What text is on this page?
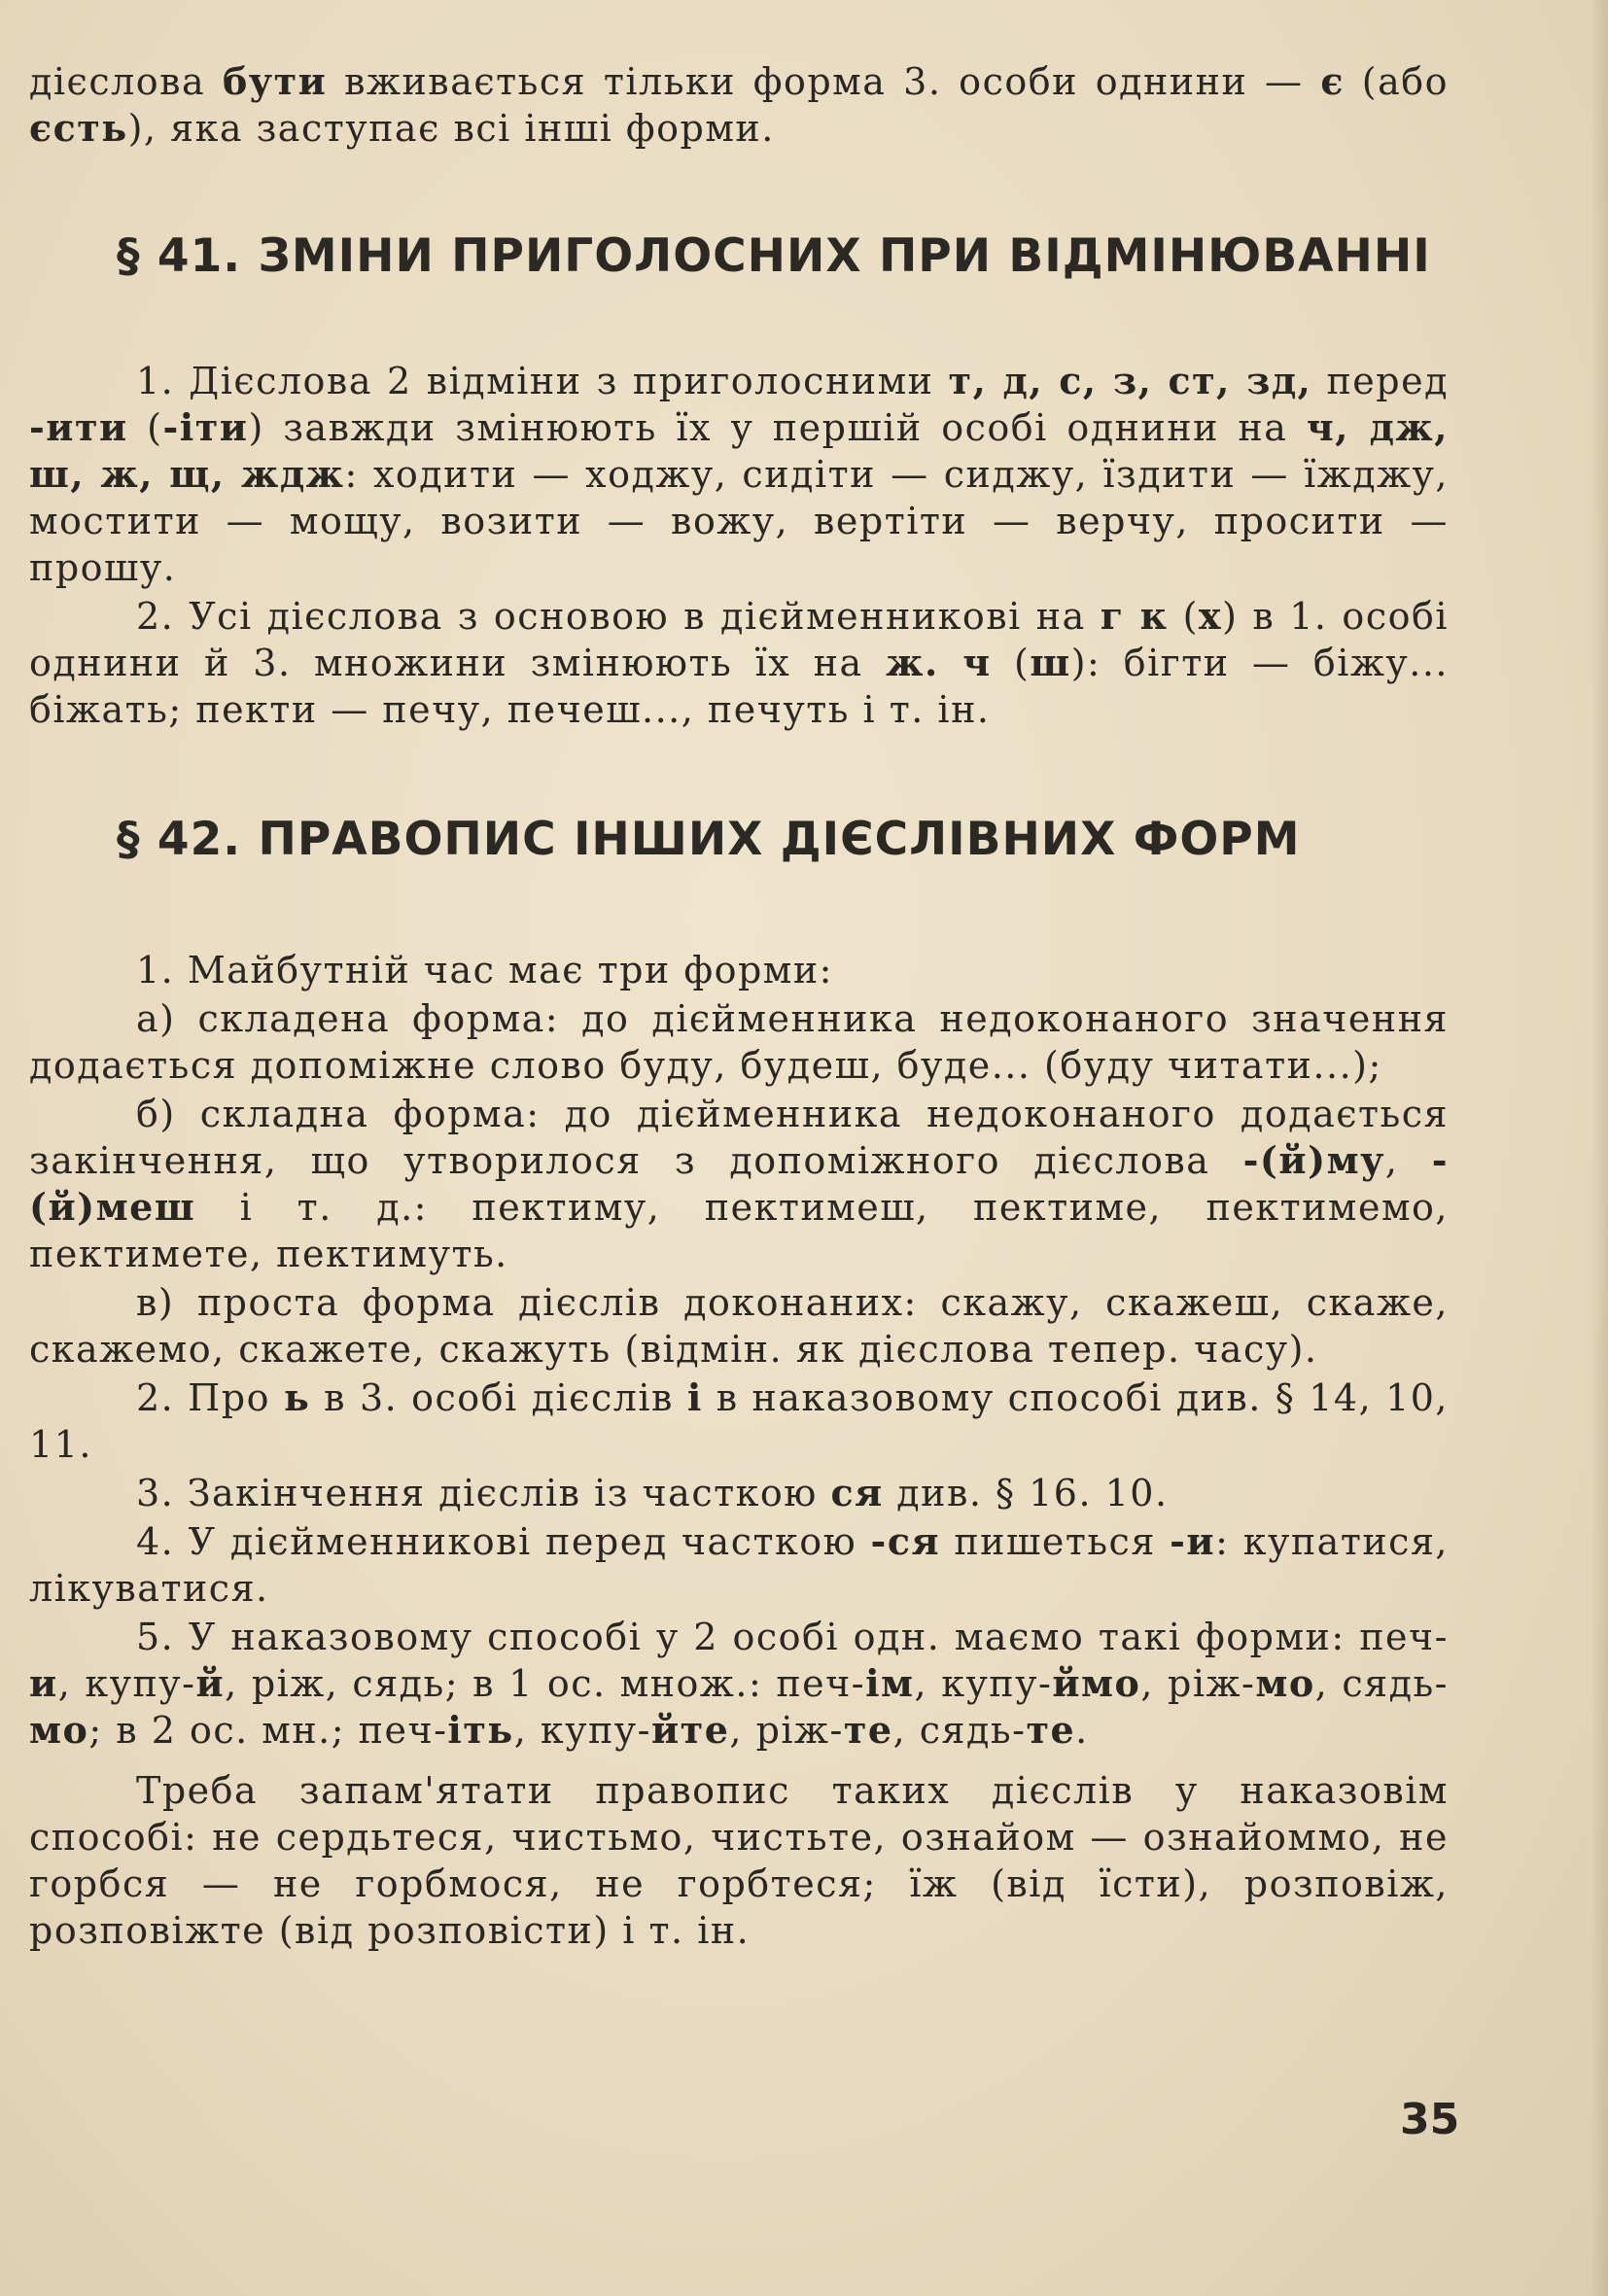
дієслова бути вживається тільки форма 3. особи однини — є (або єсть), яка заступає всі інші форми.

§ 41. ЗМІНИ ПРИГОЛОСНИХ ПРИ ВІДМІНЮВАННІ

1. Дієслова 2 відміни з приголосними т, д, с, з, ст, зд, перед -ити (-іти) завжди змінюють їх у першій особі однини на ч, дж, ш, ж, щ, ждж: ходити — ходжу, сидіти — сиджу, їздити — їжджу, мостити — мощу, возити — вожу, вертіти — верчу, просити — прошу.

2. Усі дієслова з основою в дієйменникові на г к (х) в 1. особі однини й 3. множини змінюють їх на ж. ч (ш): бігти — біжу... біжать; пекти — печу, печеш..., печуть і т. ін.

§ 42. ПРАВОПИС ІНШИХ ДІЄСЛІВНИХ ФОРМ

1. Майбутній час має три форми:

а) складена форма: до дієйменника недоконаного значення додається допоміжне слово буду, будеш, буде... (буду читати...);

б) складна форма: до дієйменника недоконаного додається закінчення, що утворилося з допоміжного дієслова -(й)му, -(й)меш і т. д.: пектиму, пектимеш, пектиме, пектимемо, пектимете, пектимуть.

в) проста форма дієслів доконаних: скажу, скажеш, скаже, скажемо, скажете, скажуть (відмін. як дієслова тепер. часу).

2. Про ь в 3. особі дієслів і в наказовому способі див. § 14, 10, 11.

3. Закінчення дієслів із часткою ся див. § 16. 10.

4. У дієйменникові перед часткою -ся пишеться -и: купатися, лікуватися.

5. У наказовому способі у 2 особі одн. маємо такі форми: печ-и, купу-й, ріж, сядь; в 1 ос. множ.: печ-ім, купу-ймо, ріж-мо, сядь-мо; в 2 ос. мн.; печ-іть, купу-йте, ріж-те, сядь-те.

Треба запам'ятати правопис таких дієслів у наказовім способі: не сердьтеся, чистьмо, чистьте, ознайом — ознайоммо, не горбся — не горбмося, не горбтеся; їж (від їсти), розповіж, розповіжте (від розповісти) і т. ін.

35
